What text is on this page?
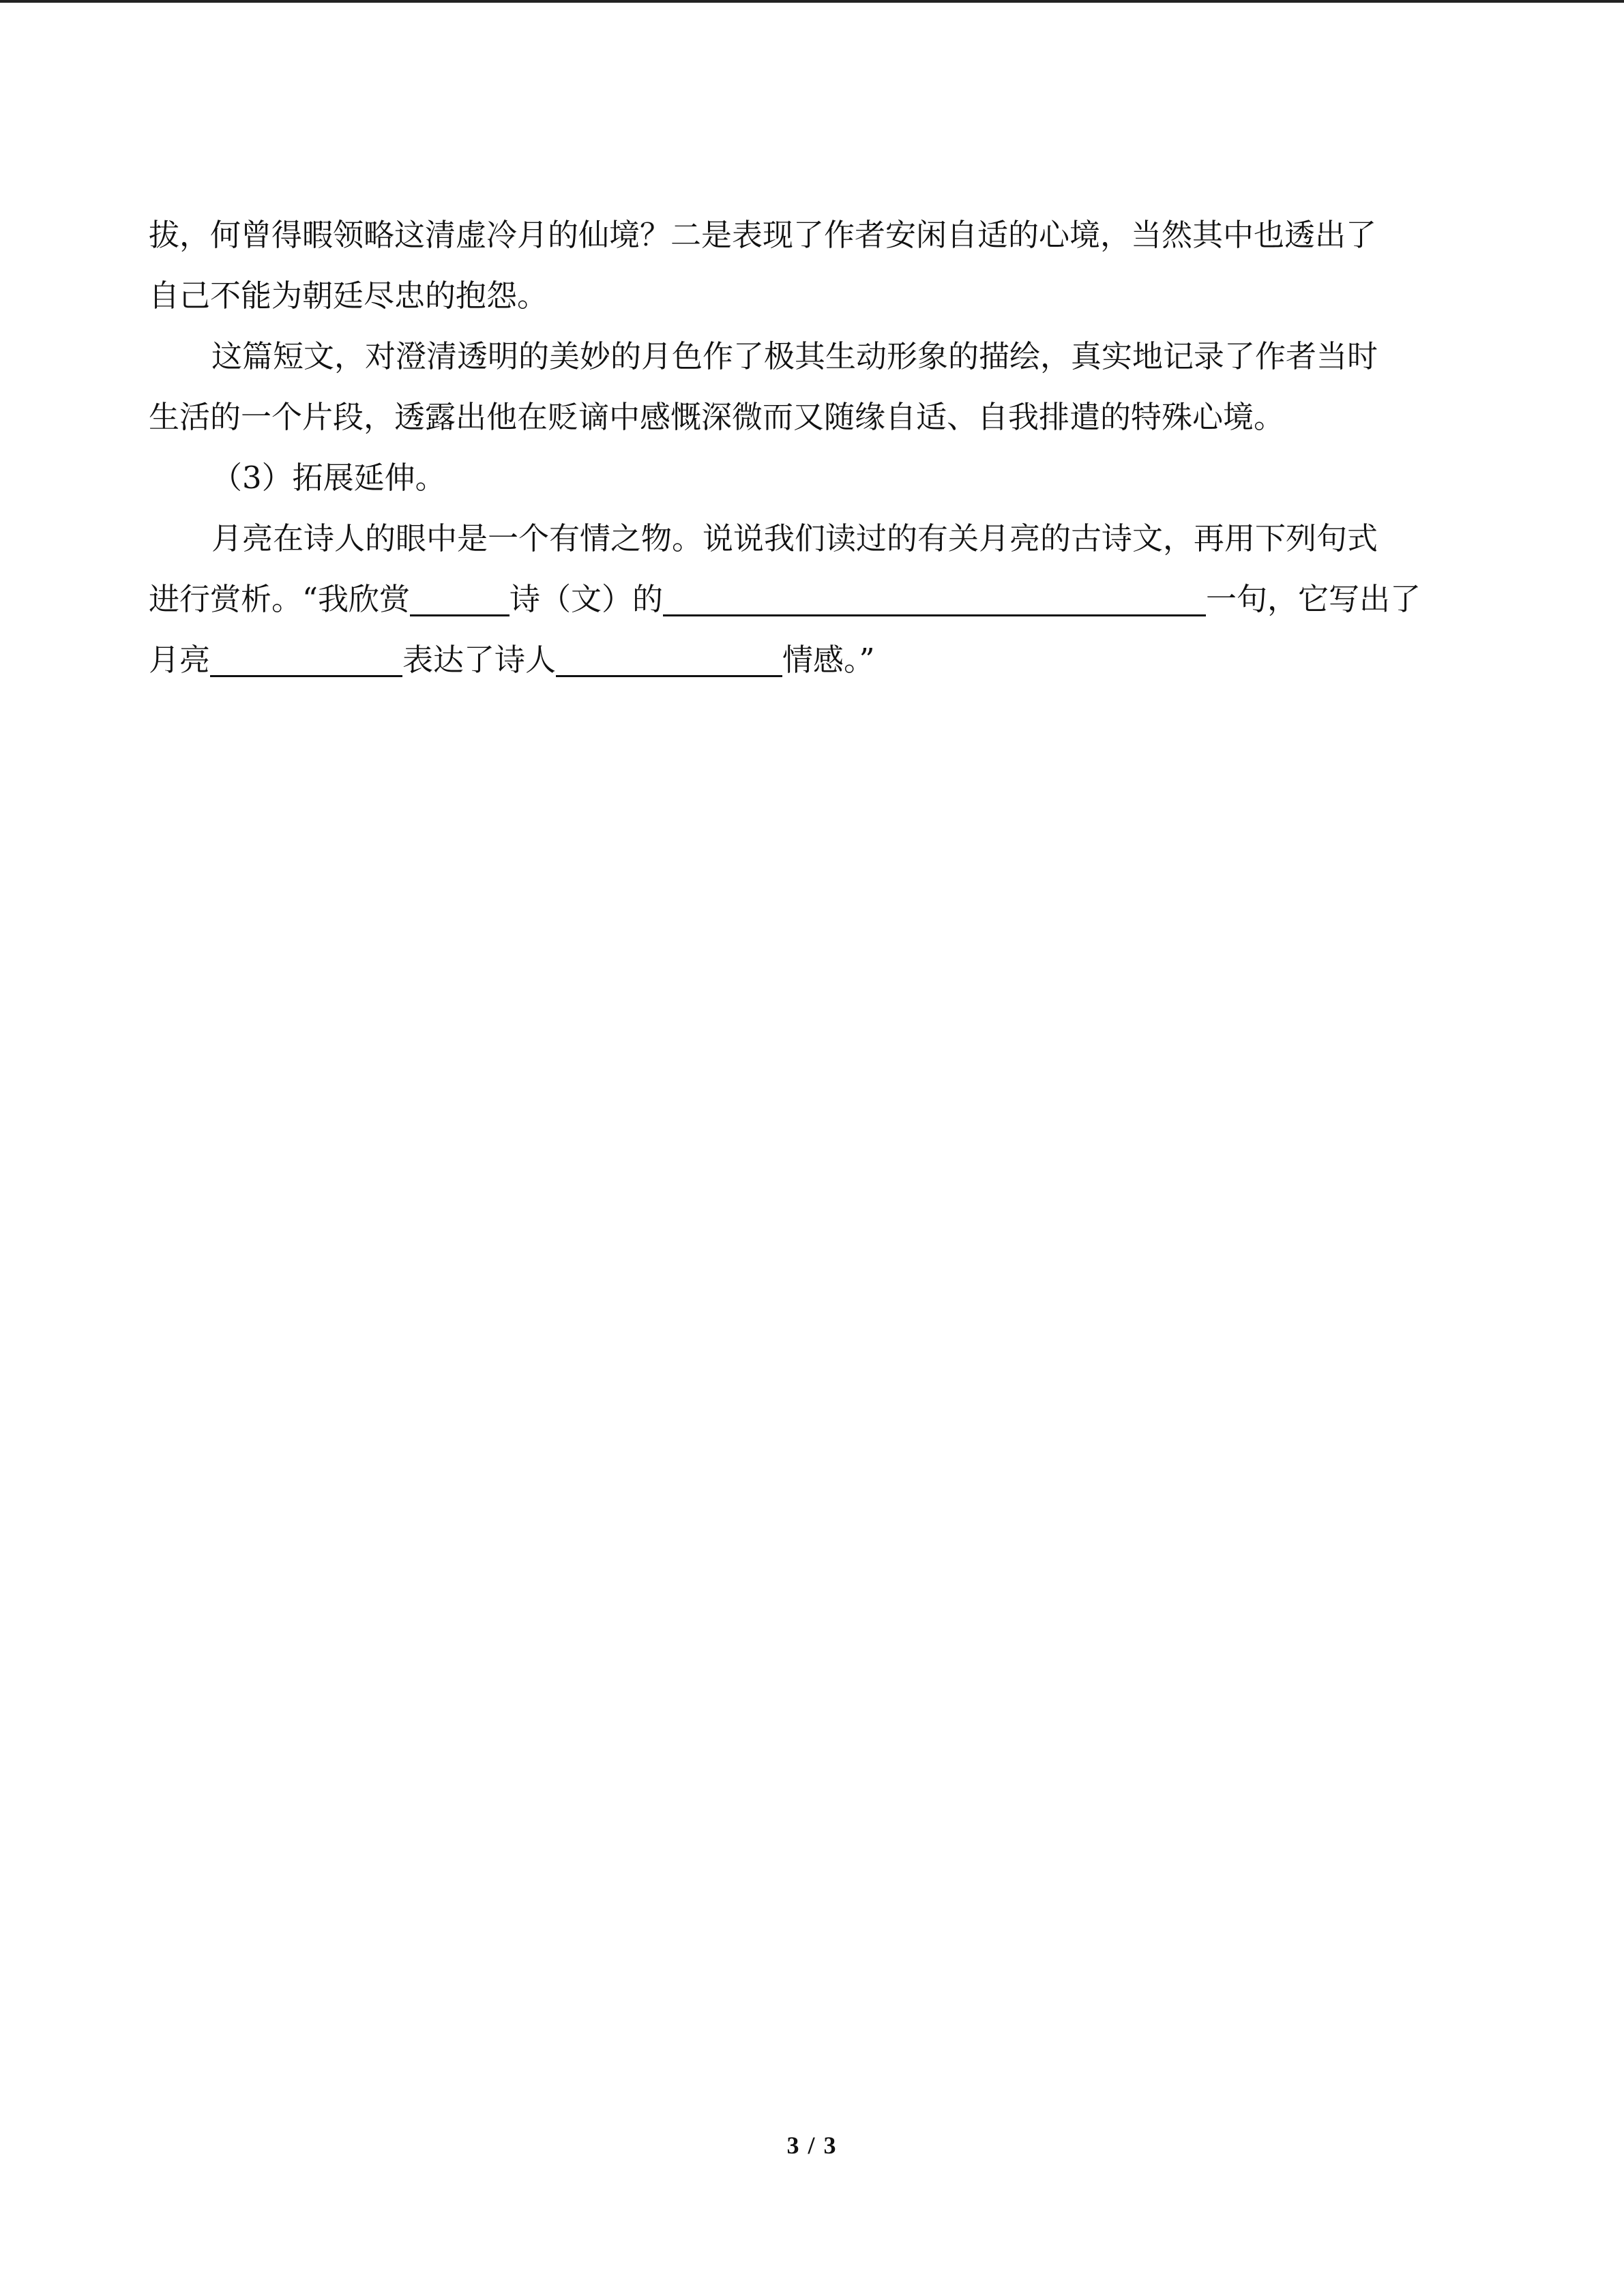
拔，何曾得暇领略这清虚冷月的仙境？二是表现了作者安闲自适的心境，当然其中也透出了
自己不能为朝廷尽忠的抱怨。

这篇短文，对澄清透明的美妙的月色作了极其生动形象的描绘，真实地记录了作者当时
生活的一个片段，透露出他在贬谪中感慨深微而又随缘自适、自我排遣的特殊心境。

（3）拓展延伸。

月亮在诗人的眼中是一个有情之物。说说我们读过的有关月亮的古诗文，再用下列句式
进行赏析。“我欣赏	诗（文）的	一句，它写出了
月亮	表达了诗人	情感。”

3 / 3
